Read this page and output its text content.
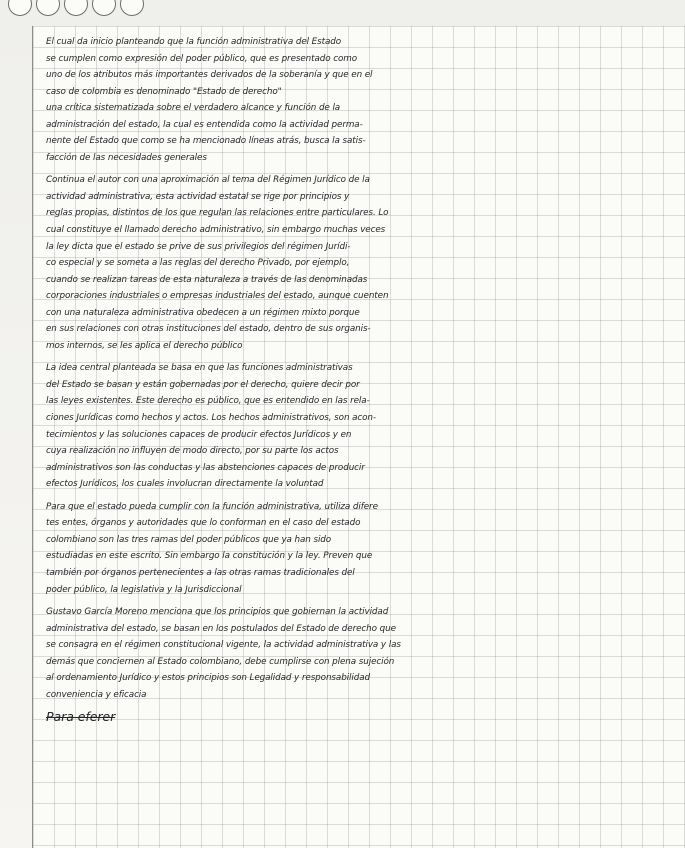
El cual da inicio planteando que la función administrativa del Estado
se cumplen como expresión del poder público, que es presentado como
uno de los atributos más importantes derivados de la soberanía y que en el
caso de colombia es denominado "Estado de derecho"
una crítica sistematizada sobre el verdadero alcance y función de la
administración del estado, la cual es entendida como la actividad perma-
nente del Estado que como se ha mencionado líneas atrás, busca la satis-
facción de las necesidades generales
Continua el autor con una aproximación al tema del Régimen Jurídico de la
actividad administrativa, esta actividad estatal se rige por principios y
reglas propias, distintos de los que regulan las relaciones entre particulares. Lo
cual constituye el llamado derecho administrativo, sin embargo muchas veces
la ley dicta que el estado se prive de sus privilegios del régimen Jurídi-
co especial y se someta a las reglas del derecho Privado, por ejemplo,
cuando se realizan tareas de esta naturaleza a través de las denominadas
corporaciones industriales o empresas industriales del estado, aunque cuenten
con una naturaleza administrativa obedecen a un régimen mixto porque
en sus relaciones con otras instituciones del estado, dentro de sus organis-
mos internos, se les aplica el derecho público
La idea central planteada se basa en que las funciones administrativas
del Estado se basan y están gobernadas por el derecho, quiere decir por
las leyes existentes. Este derecho es público, que es entendido en las rela-
ciones Jurídicas como hechos y actos. Los hechos administrativos, son acon-
tecimientos y las soluciones capaces de producir efectos Jurídicos y en
cuya realización no influyen de modo directo, por su parte los actos
administrativos son las conductas y las abstenciones capaces de producir
efectos Jurídicos, los cuales involucran directamente la voluntad
Para que el estado pueda cumplir con la función administrativa, utiliza difere
tes entes, órganos y autoridades que lo conforman en el caso del estado
colombiano son las tres ramas del poder públicos que ya han sido
estudiadas en este escrito. Sin embargo la constitución y la ley. Preven que
también por órganos pertenecientes a las otras ramas tradicionales del
poder público, la legislativa y la Jurisdiccional
Gustavo García Moreno menciona que los principios que gobiernan la actividad
administrativa del estado, se basan en los postulados del Estado de derecho que
se consagra en el régimen constitucional vigente, la actividad administrativa y las
demás que conciernen al Estado colombiano, debe cumplirse con plena sujeción
al ordenamiento Jurídico y estos principios son Legalidad y responsabilidad
conveniencia y eficacia
Para eferer
